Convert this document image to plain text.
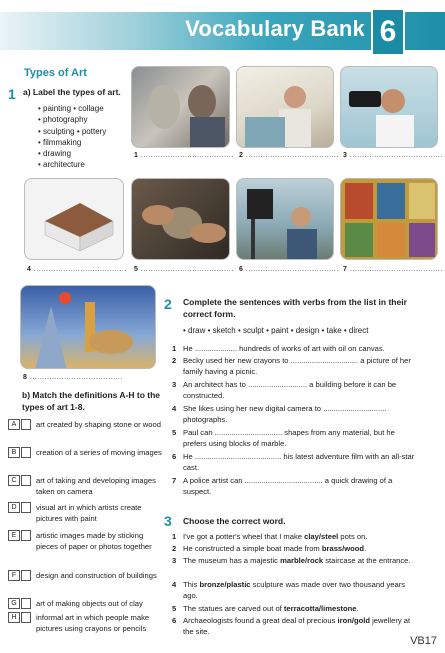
Vocabulary Bank 6
Types of Art
1 a) Label the types of art.
• painting • collage
• photography
• sculpting • pottery
• filmmaking
• drawing
• architecture
1 ...................................... 2 ...................................... 3 ......................................
4 ...................................... 5 ...................................... 6 ...................................... 7 ......................................
8 ......................................
b) Match the definitions A-H to the types of art 1-8.
A	art created by shaping stone or wood
B	creation of a series of moving images
C	art of taking and developing images taken on camera
D	visual art in which artists create pictures with paint
E	artistic images made by sticking pieces of paper or photos together
F	design and construction of buildings
G	art of making objects out of clay
H	informal art in which people make pictures using crayons or pencils
2 Complete the sentences with verbs from the list in their correct form.
• draw • sketch • sculpt • paint • design • take • direct
1 He .................... hundreds of works of art with oil on canvas.
2 Becky used her new crayons to ................................ a picture of her family having a picnic.
3 An architect has to ............................ a building before it can be constructed.
4 She likes using her new digital camera to .............................. photographs.
5 Paul can ................................ shapes from any material, but he prefers using blocks of marble.
6 He ......................................... his latest adventure film with an all-star cast.
7 A police artist can ..................................... a quick drawing of a suspect.
3 Choose the correct word.
1 I've got a potter's wheel that I make clay/steel pots on.
2 He constructed a simple boat made from brass/wood.
3 The museum has a majestic marble/rock staircase at the entrance.
4 This bronze/plastic sculpture was made over two thousand years ago.
5 The statues are carved out of terracotta/limestone.
6 Archaeologists found a great deal of precious iron/gold jewellery at the site.
VB17
